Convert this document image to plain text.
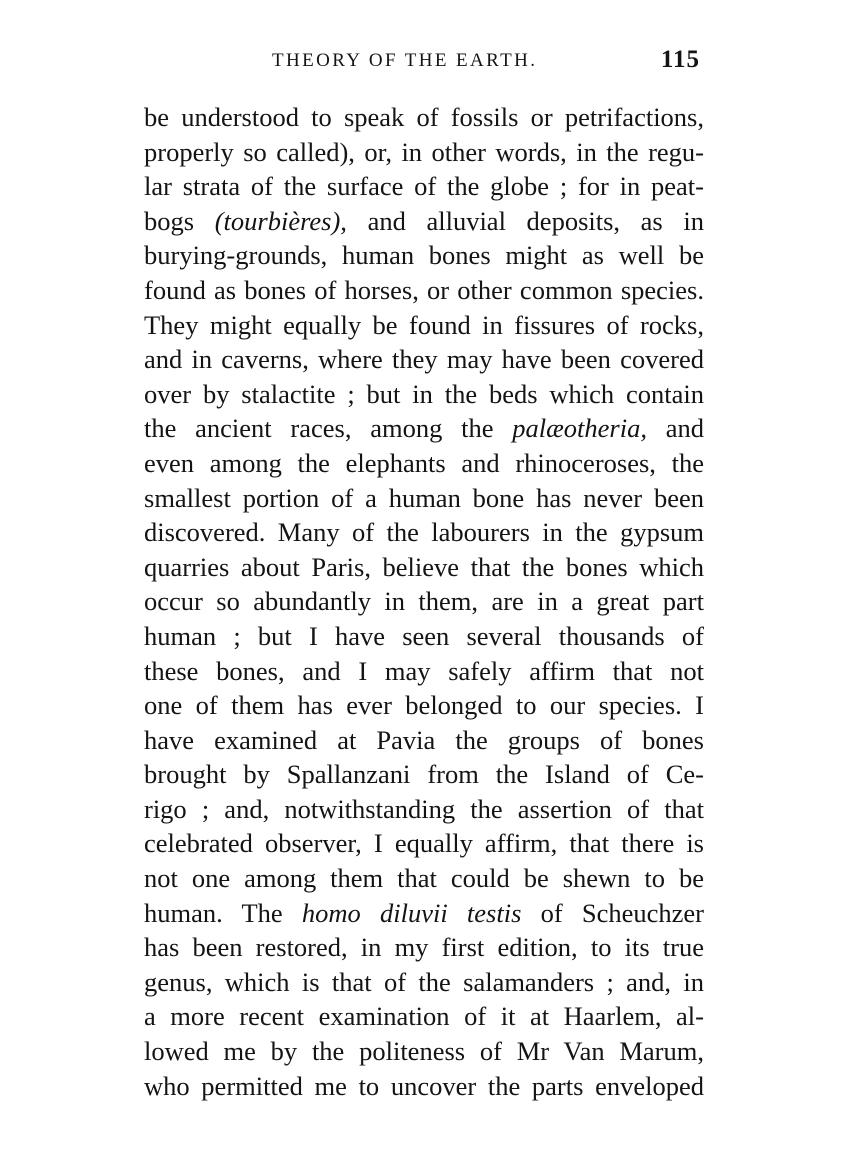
THEORY OF THE EARTH.	115
be understood to speak of fossils or petrifactions,
properly so called), or, in other words, in the regu-
lar strata of the surface of the globe ; for in peat-
bogs (tourbières), and alluvial deposits, as in
burying-grounds, human bones might as well be
found as bones of horses, or other common species.
They might equally be found in fissures of rocks,
and in caverns, where they may have been covered
over by stalactite ; but in the beds which contain
the ancient races, among the palæotheria, and
even among the elephants and rhinoceroses, the
smallest portion of a human bone has never been
discovered. Many of the labourers in the gypsum
quarries about Paris, believe that the bones which
occur so abundantly in them, are in a great part
human ; but I have seen several thousands of
these bones, and I may safely affirm that not
one of them has ever belonged to our species. I
have examined at Pavia the groups of bones
brought by Spallanzani from the Island of Ce-
rigo ; and, notwithstanding the assertion of that
celebrated observer, I equally affirm, that there is
not one among them that could be shewn to be
human. The homo diluvii testis of Scheuchzer
has been restored, in my first edition, to its true
genus, which is that of the salamanders ; and, in
a more recent examination of it at Haarlem, al-
lowed me by the politeness of Mr Van Marum,
who permitted me to uncover the parts enveloped
